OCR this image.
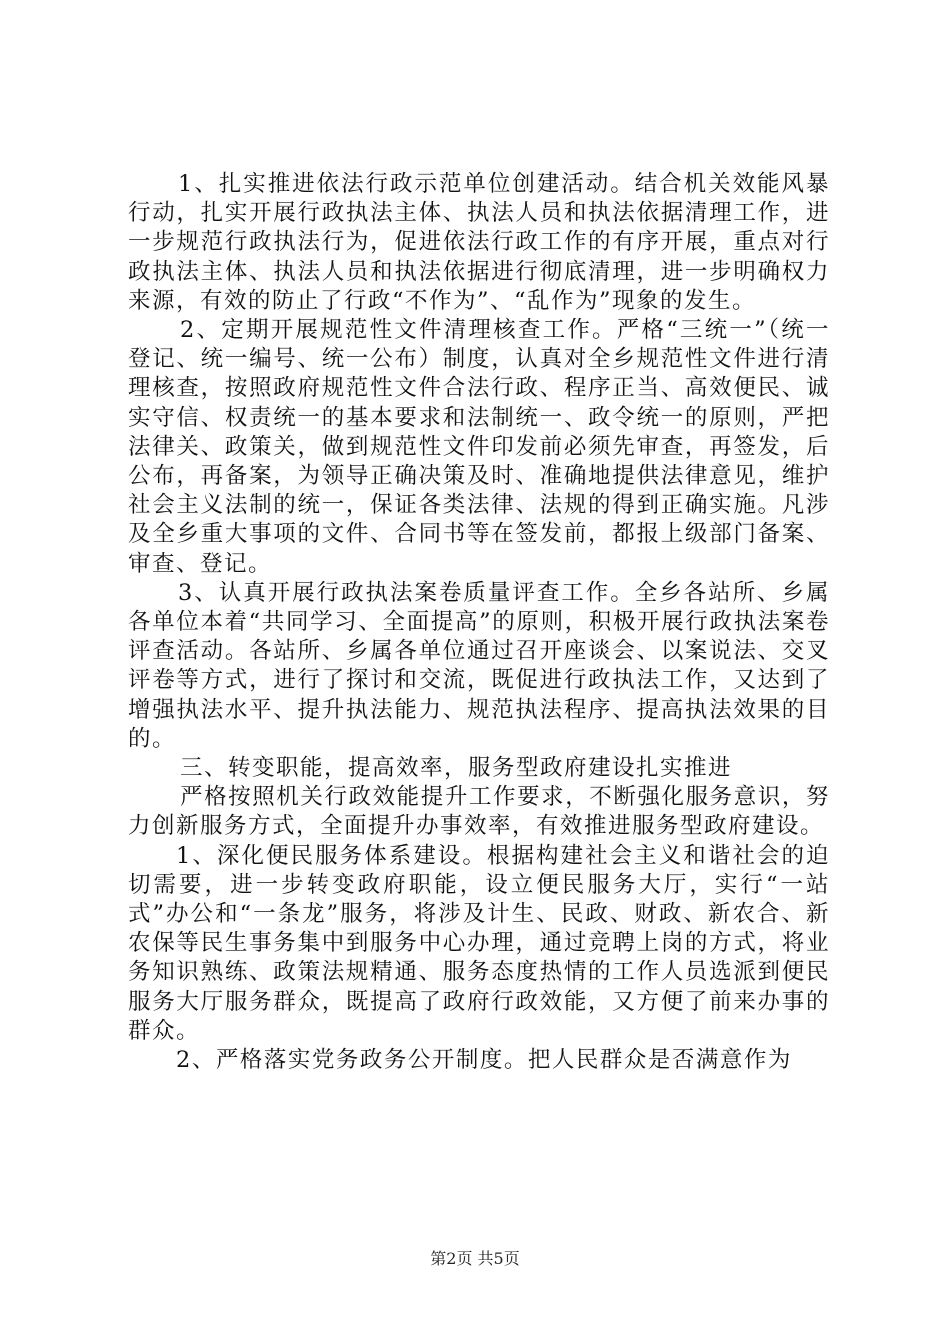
1、扎实推进依法行政示范单位创建活动。结合机关效能风暴行动，扎实开展行政执法主体、执法人员和执法依据清理工作，进一步规范行政执法行为，促进依法行政工作的有序开展，重点对行政执法主体、执法人员和执法依据进行彻底清理，进一步明确权力来源，有效的防止了行政“不作为”、“乱作为”现象的发生。

2、定期开展规范性文件清理核查工作。严格“三统一”（统一登记、统一编号、统一公布）制度，认真对全乡规范性文件进行清理核查，按照政府规范性文件合法行政、程序正当、高效便民、诚实守信、权责统一的基本要求和法制统一、政令统一的原则，严把法律关、政策关，做到规范性文件印发前必须先审查，再签发，后公布，再备案，为领导正确决策及时、准确地提供法律意见，维护社会主义法制的统一，保证各类法律、法规的得到正确实施。凡涉及全乡重大事项的文件、合同书等在签发前，都报上级部门备案、审查、登记。

3、认真开展行政执法案卷质量评查工作。全乡各站所、乡属各单位本着“共同学习、全面提高”的原则，积极开展行政执法案卷评查活动。各站所、乡属各单位通过召开座谈会、以案说法、交叉评卷等方式，进行了探讨和交流，既促进行政执法工作，又达到了增强执法水平、提升执法能力、规范执法程序、提高执法效果的目的。

三、转变职能，提高效率，服务型政府建设扎实推进

严格按照机关行政效能提升工作要求，不断强化服务意识，努力创新服务方式，全面提升办事效率，有效推进服务型政府建设。

1、深化便民服务体系建设。根据构建社会主义和谐社会的迫切需要，进一步转变政府职能，设立便民服务大厅，实行“一站式”办公和“一条龙”服务，将涉及计生、民政、财政、新农合、新农保等民生事务集中到服务中心办理，通过竞聘上岗的方式，将业务知识熟练、政策法规精通、服务态度热情的工作人员选派到便民服务大厅服务群众，既提高了政府行政效能，又方便了前来办事的群众。

2、严格落实党务政务公开制度。把人民群众是否满意作为

第2页 共5页
